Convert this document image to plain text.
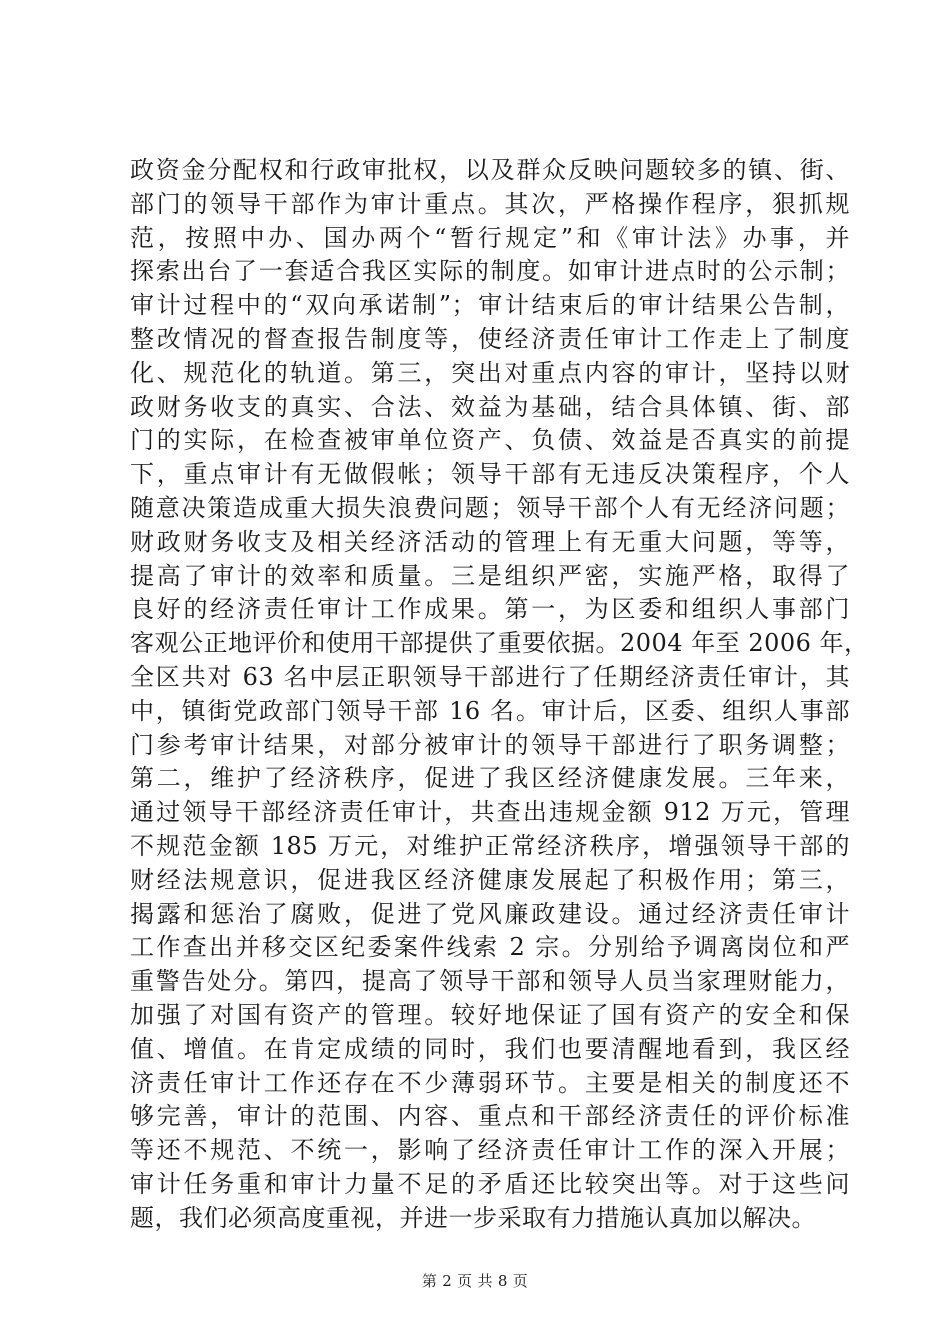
政资金分配权和行政审批权，以及群众反映问题较多的镇、街、
部门的领导干部作为审计重点。其次，严格操作程序，狠抓规
范，按照中办、国办两个“暂行规定”和《审计法》办事，并
探索出台了一套适合我区实际的制度。如审计进点时的公示制；
审计过程中的“双向承诺制”；审计结束后的审计结果公告制，
整改情况的督查报告制度等，使经济责任审计工作走上了制度
化、规范化的轨道。第三，突出对重点内容的审计，坚持以财
政财务收支的真实、合法、效益为基础，结合具体镇、街、部
门的实际，在检查被审单位资产、负债、效益是否真实的前提
下，重点审计有无做假帐；领导干部有无违反决策程序，个人
随意决策造成重大损失浪费问题；领导干部个人有无经济问题；
财政财务收支及相关经济活动的管理上有无重大问题，等等，
提高了审计的效率和质量。三是组织严密，实施严格，取得了
良好的经济责任审计工作成果。第一，为区委和组织人事部门
客观公正地评价和使用干部提供了重要依据。2004 年至 2006 年，
全区共对 63 名中层正职领导干部进行了任期经济责任审计，其
中，镇街党政部门领导干部 16 名。审计后，区委、组织人事部
门参考审计结果，对部分被审计的领导干部进行了职务调整；
第二，维护了经济秩序，促进了我区经济健康发展。三年来，
通过领导干部经济责任审计，共查出违规金额 912 万元，管理
不规范金额 185 万元，对维护正常经济秩序，增强领导干部的
财经法规意识，促进我区经济健康发展起了积极作用；第三，
揭露和惩治了腐败，促进了党风廉政建设。通过经济责任审计
工作查出并移交区纪委案件线索 2 宗。分别给予调离岗位和严
重警告处分。第四，提高了领导干部和领导人员当家理财能力，
加强了对国有资产的管理。较好地保证了国有资产的安全和保
值、增值。在肯定成绩的同时，我们也要清醒地看到，我区经
济责任审计工作还存在不少薄弱环节。主要是相关的制度还不
够完善，审计的范围、内容、重点和干部经济责任的评价标准
等还不规范、不统一，影响了经济责任审计工作的深入开展；
审计任务重和审计力量不足的矛盾还比较突出等。对于这些问
题，我们必须高度重视，并进一步采取有力措施认真加以解决。
第 2 页 共 8 页
